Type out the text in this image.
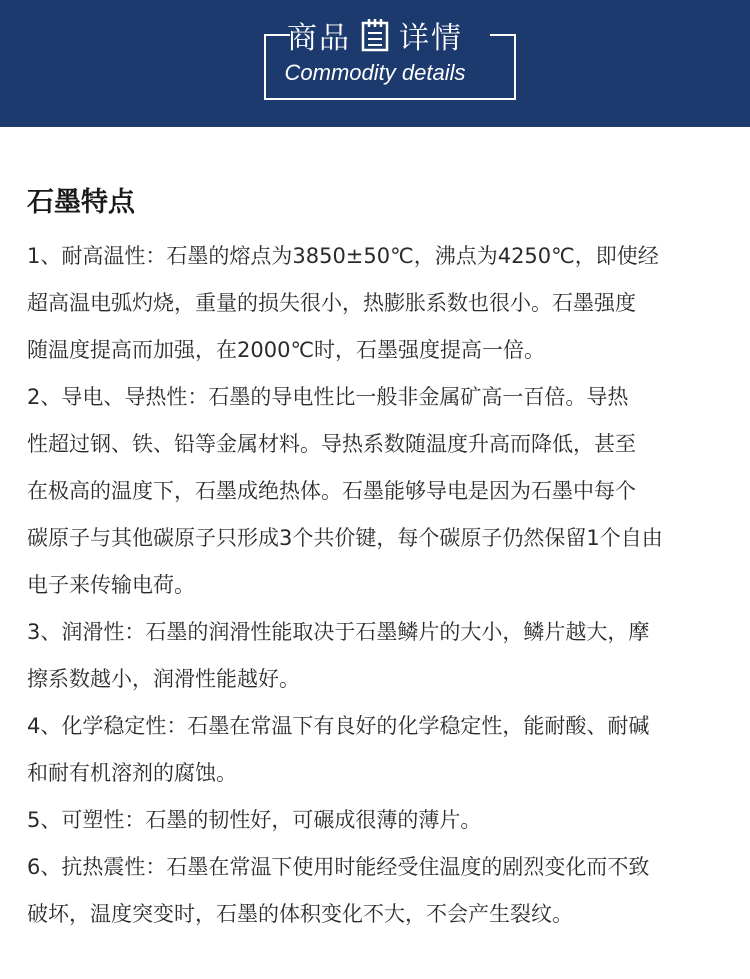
商品 详情
Commodity details
石墨特点

1、耐高温性：石墨的熔点为3850±50℃，沸点为4250℃，即使经
超高温电弧灼烧，重量的损失很小，热膨胀系数也很小。石墨强度
随温度提高而加强，在2000℃时，石墨强度提高一倍。

2、导电、导热性：石墨的导电性比一般非金属矿高一百倍。导热
性超过钢、铁、铅等金属材料。导热系数随温度升高而降低，甚至
在极高的温度下，石墨成绝热体。石墨能够导电是因为石墨中每个
碳原子与其他碳原子只形成3个共价键，每个碳原子仍然保留1个自由
电子来传输电荷。

3、润滑性：石墨的润滑性能取决于石墨鳞片的大小，鳞片越大，摩
擦系数越小，润滑性能越好。

4、化学稳定性：石墨在常温下有良好的化学稳定性，能耐酸、耐碱
和耐有机溶剂的腐蚀。

5、可塑性：石墨的韧性好，可碾成很薄的薄片。

6、抗热震性：石墨在常温下使用时能经受住温度的剧烈变化而不致
破坏，温度突变时，石墨的体积变化不大，不会产生裂纹。
